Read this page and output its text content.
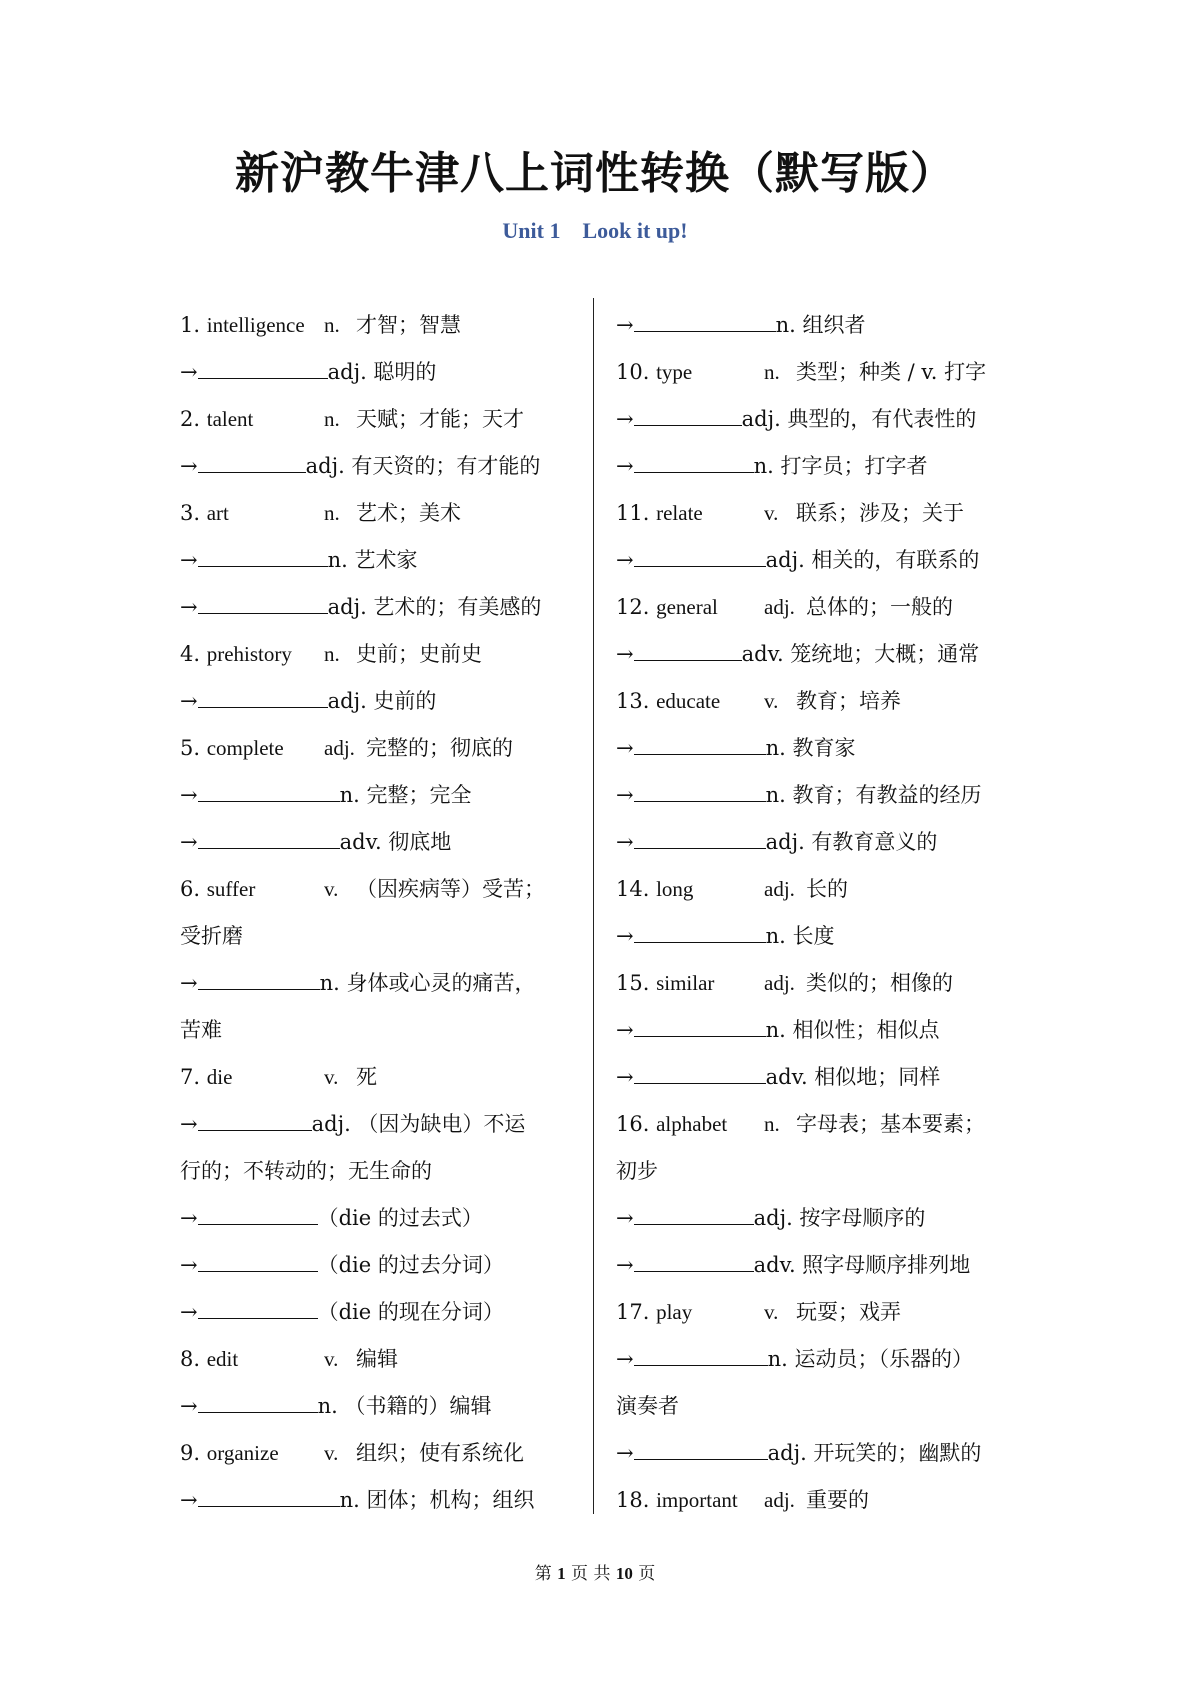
新沪教牛津八上词性转换（默写版）
Unit 1    Look it up!
1. intelligence n. 才智；智慧
→	adj. 聪明的
2. talent	n. 天赋；才能；天才
→	adj. 有天资的；有才能的
3. art	n. 艺术；美术
→	n. 艺术家
→	adj. 艺术的；有美感的
4. prehistory n. 史前；史前史
→	adj. 史前的
5. complete adj. 完整的；彻底的
→	n. 完整；完全
→	adv. 彻底地
6. suffer	v. （因疾病等）受苦；
受折磨
→	n. 身体或心灵的痛苦，
苦难
7. die	v. 死
→	adj. （因为缺电）不运
行的；不转动的；无生命的
→	（die 的过去式）
→	（die 的过去分词）
→	（die 的现在分词）
8. edit	v. 编辑
→	n. （书籍的）编辑
9. organize v. 组织；使有系统化
→	n. 团体；机构；组织
→	n. 组织者
10. type	n. 类型；种类 / v. 打字
→	adj. 典型的，有代表性的
→	n. 打字员；打字者
11. relate	v. 联系；涉及；关于
→	adj. 相关的，有联系的
12. general adj. 总体的；一般的
→	adv. 笼统地；大概；通常
13. educate v. 教育；培养
→	n. 教育家
→	n. 教育；有教益的经历
→	adj. 有教育意义的
14. long	adj. 长的
→	n. 长度
15. similar adj. 类似的；相像的
→	n. 相似性；相似点
→	adv. 相似地；同样
16. alphabet n. 字母表；基本要素；
初步
→	adj. 按字母顺序的
→	adv. 照字母顺序排列地
17. play	v. 玩耍；戏弄
→	n. 运动员；（乐器的）
演奏者
→	adj. 开玩笑的；幽默的
18. important adj. 重要的
第 1 页 共 10 页
